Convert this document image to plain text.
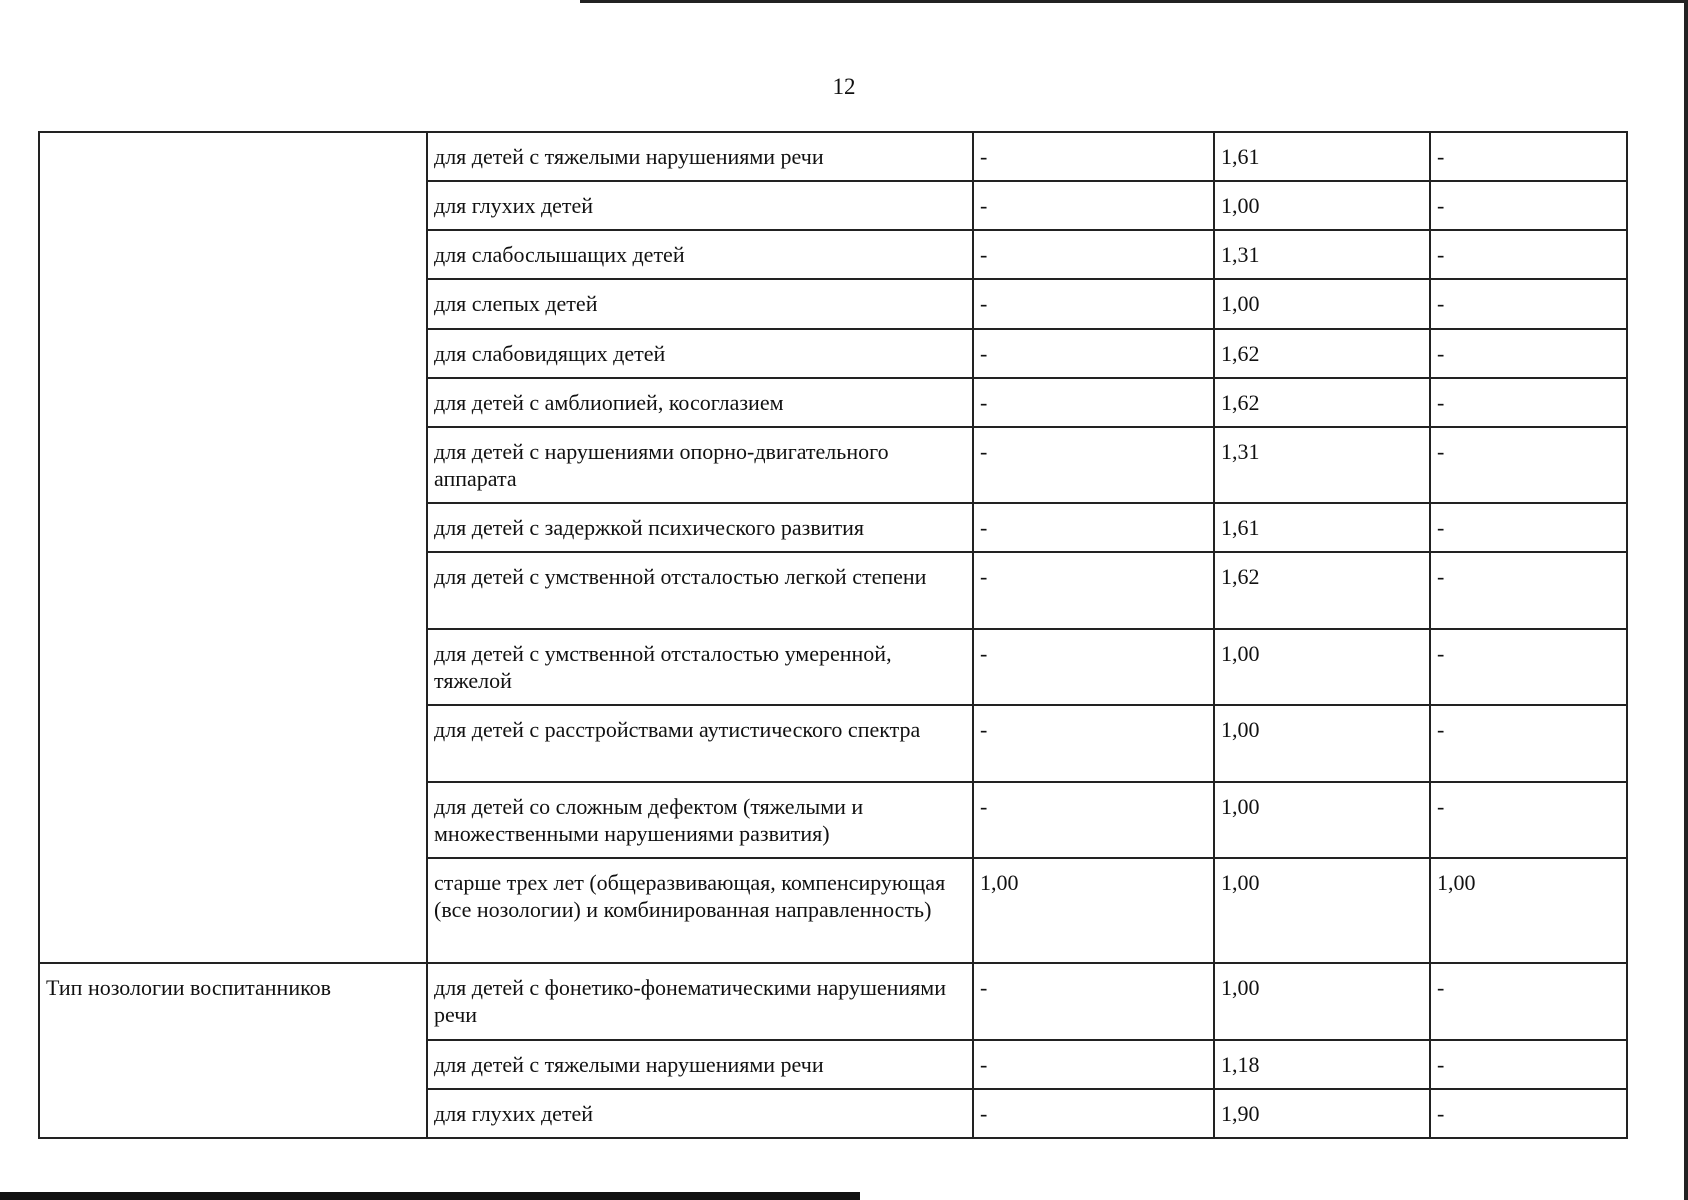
12
	для детей с тяжелыми нарушениями речи	-	1,61	-
	для глухих детей	-	1,00	-
	для слабослышащих детей	-	1,31	-
	для слепых детей	-	1,00	-
	для слабовидящих детей	-	1,62	-
	для детей с амблиопией, косоглазием	-	1,62	-
	для детей с нарушениями опорно-двигательного аппарата	-	1,31	-
	для детей с задержкой психического развития	-	1,61	-
	для детей с умственной отсталостью легкой степени	-	1,62	-
	для детей с умственной отсталостью умеренной, тяжелой	-	1,00	-
	для детей с расстройствами аутистического спектра	-	1,00	-
	для детей со сложным дефектом (тяжелыми и множественными нарушениями развития)	-	1,00	-
	старше трех лет (общеразвивающая, компенсирующая (все нозологии) и комбинированная направленность)	1,00	1,00	1,00
Тип нозологии воспитанников	для детей с фонетико-фонематическими нарушениями речи	-	1,00	-
	для детей с тяжелыми нарушениями речи	-	1,18	-
	для глухих детей	-	1,90	-
